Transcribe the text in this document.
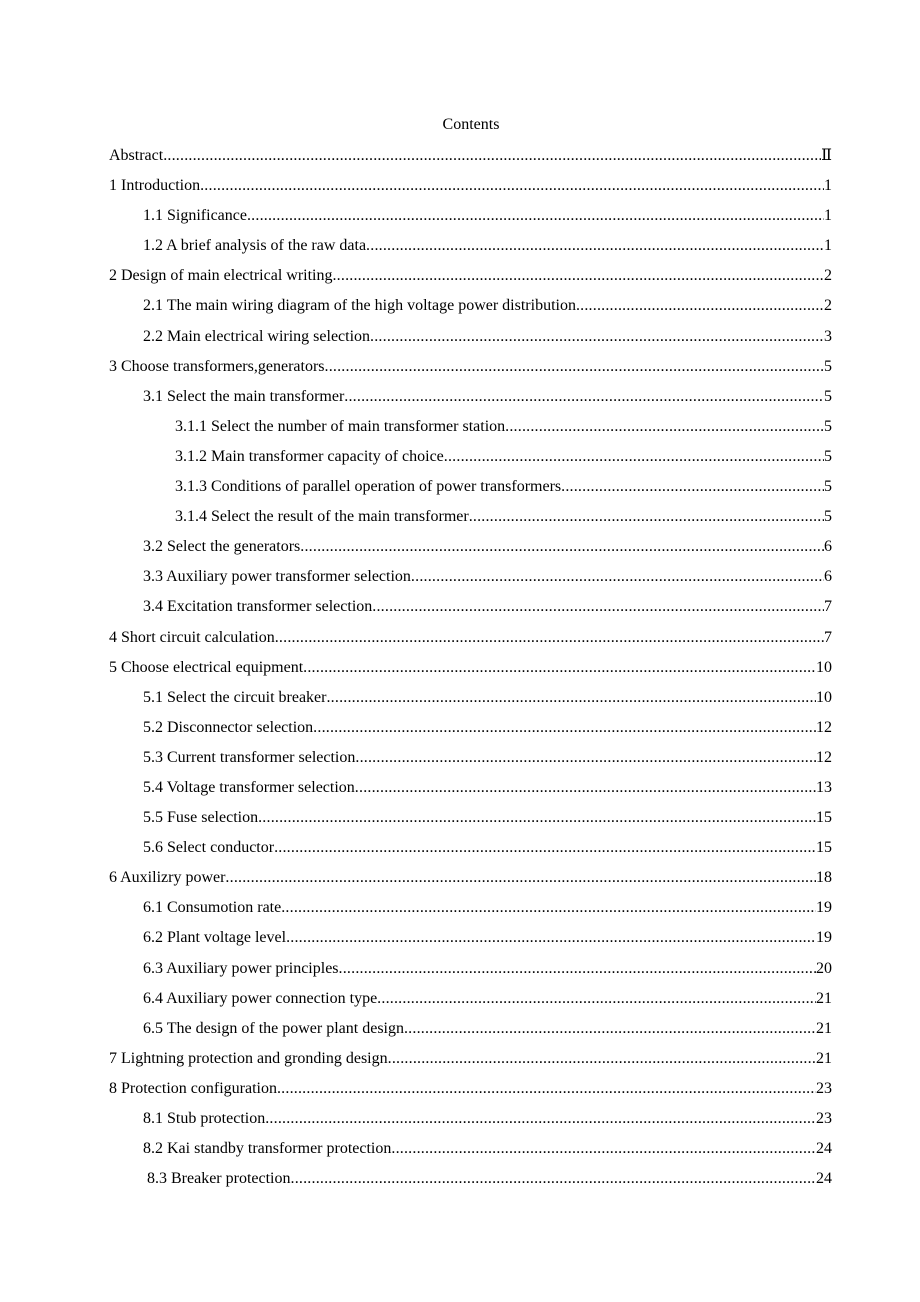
Contents
Abstract .....	Ⅱ
1 Introduction .....	1
1.1 Significance .....	1
1.2 A brief analysis of the raw data .....	1
2 Design of main electrical writing .....	2
2.1 The main wiring diagram of the high voltage power distribution .....	2
2.2 Main electrical wiring selection .....	3
3 Choose transformers,generators .....	5
3.1 Select the main transformer .....	5
3.1.1 Select the number of main transformer station .....	5
3.1.2 Main transformer capacity of choice .....	5
3.1.3 Conditions of parallel operation of power transformers .....	5
3.1.4 Select the result of the main transformer .....	5
3.2 Select the generators .....	6
3.3 Auxiliary power transformer selection .....	6
3.4 Excitation transformer selection .....	7
4 Short circuit calculation .....	7
5 Choose electrical equipment .....	10
5.1 Select the circuit breaker .....	10
5.2 Disconnector selection .....	12
5.3 Current transformer selection .....	12
5.4 Voltage transformer selection .....	13
5.5 Fuse selection .....	15
5.6 Select conductor .....	15
6 Auxilizry power .....	18
6.1 Consumotion rate .....	19
6.2 Plant voltage level .....	19
6.3 Auxiliary power principles .....	20
6.4 Auxiliary power connection type .....	21
6.5 The design of the power plant design .....	21
7 Lightning protection and gronding design .....	21
8 Protection configuration .....	23
8.1 Stub protection .....	23
8.2 Kai standby transformer protection .....	24
8.3 Breaker protection .....	24
